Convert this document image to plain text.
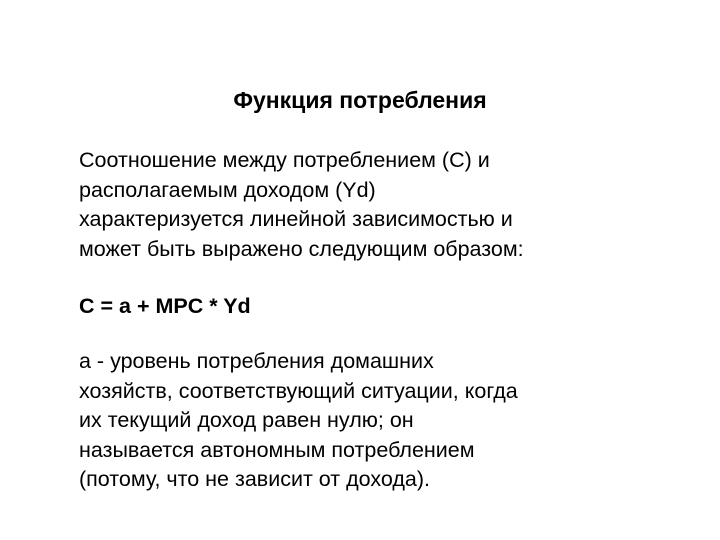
Функция потребления
Соотношение между потреблением (С) и
располагаемым доходом (Yd)
характеризуется линейной зависимостью и
может быть выражено следующим образом:
C = a + MPC * Yd
a - уровень потребления домашних
хозяйств, соответствующий ситуации, когда
их текущий доход равен нулю; он
называется автономным потреблением
(потому, что не зависит от дохода).
